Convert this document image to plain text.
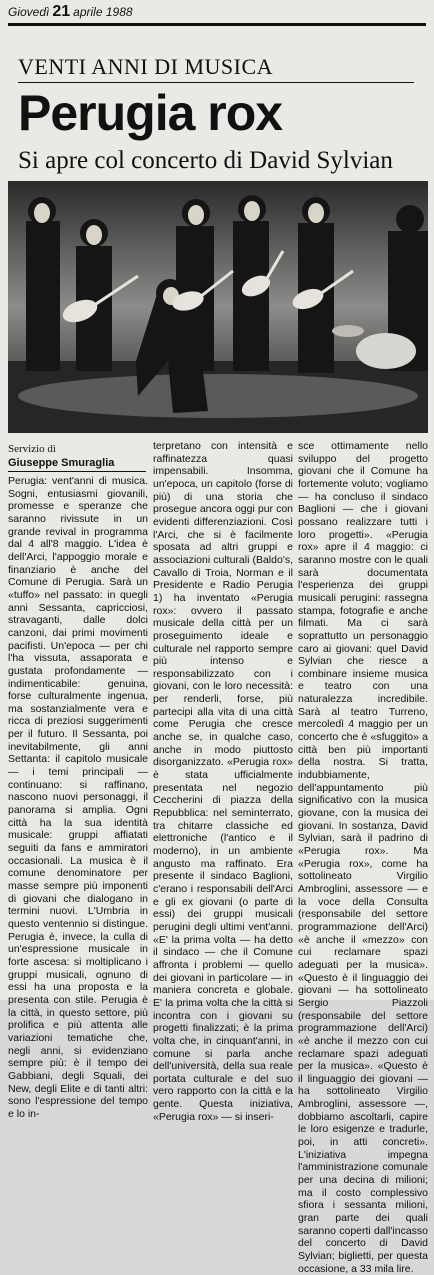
Giovedì 21 aprile 1988
VENTI ANNI DI MUSICA
Perugia rox
Si apre col concerto di David Sylvian
Servizio di
Giuseppe Smuraglia

Perugia: vent'anni di musica. Sogni, entusiasmi giovanili, promesse e speranze che saranno rivissute in un grande revival in programma dal 4 all'8 maggio. L'idea è dell'Arci, l'appoggio morale e finanziario è anche del Comune di Perugia. Sarà un «tuffo» nel passato: in quegli anni Sessanta, capricciosi, stravaganti, dalle dolci canzoni, dai primi movimenti pacifisti. Un'epoca — per chi l'ha vissuta, assaporata e gustata profondamente — indimenticabile: genuina, forse culturalmente ingenua, ma sostanzialmente vera e ricca di preziosi suggerimenti per il futuro. Il Sessanta, poi inevitabilmente, gli anni Settanta: il capitolo musicale — i temi principali — continuano: si raffinano, nascono nuovi personaggi, il panorama si amplia. Ogni città ha la sua identità musicale: gruppi affiatati seguiti da fans e ammiratori occasionali. La musica è il comune denominatore per masse sempre più imponenti di giovani che dialogano in termini nuovi. L'Umbria in questo ventennio si distingue. Perugia è, invece, la culla di un'espressione musicale in forte ascesa: si moltiplicano i gruppi musicali, ognuno di essi ha una proposta e la presenta con stile. Perugia è la città, in questo settore, più prolifica e più attenta alle variazioni tematiche che, negli anni, si evidenziano sempre più: è il tempo dei Gabbiani, degli Squali, dei New, degli Elite e di tanti altri: sono l'espressione del tempo e lo in-

terpretano con intensità e raffinatezza quasi impensabili. Insomma, un'epoca, un capitolo (forse di più) di una storia che prosegue ancora oggi pur con evidenti differenziazioni. Così l'Arci, che si è facilmente sposata ad altri gruppi e associazioni culturali (Baldo's, Cavallo di Troia, Norman e il Presidente e Radio Perugia 1) ha inventato «Perugia rox»: ovvero il passato musicale della città per un proseguimento ideale e culturale nel rapporto sempre più intenso e responsabilizzato con i giovani, con le loro necessità: per renderli, forse, più partecipi alla vita di una città come Perugia che cresce anche se, in qualche caso, anche in modo piuttosto disorganizzato. «Perugia rox» è stata ufficialmente presentata nel negozio Ceccherini di piazza della Repubblica: nel seminterrato, tra chitarre classiche ed elettroniche (l'antico e il moderno), in un ambiente angusto ma raffinato. Era presente il sindaco Baglioni, c'erano i responsabili dell'Arci e gli ex giovani (o parte di essi) dei gruppi musicali perugini degli ultimi vent'anni. «E' la prima volta — ha detto il sindaco — che il Comune affronta i problemi — quello dei giovani in particolare — in maniera concreta e globale. E' la prima volta che la città si incontra con i giovani su progetti finalizzati; è la prima volta che, in cinquant'anni, in comune si parla anche dell'università, della sua reale portata culturale e del suo vero rapporto con la città e la gente. Questa iniziativa, «Perugia rox» — si inseri-

sce ottimamente nello sviluppo del progetto giovani che il Comune ha fortemente voluto; vogliamo — ha concluso il sindaco Baglioni — che i giovani possano realizzare tutti i loro progetti». «Perugia rox» apre il 4 maggio: ci saranno mostre con le quali sarà documentata l'esperienza dei gruppi musicali perugini: rassegna stampa, fotografie e anche filmati. Ma ci sarà soprattutto un personaggio caro ai giovani: quel David Sylvian che riesce a combinare insieme musica e teatro con una naturalezza incredibile. Sarà al teatro Turreno, mercoledì 4 maggio per un concerto che è «sfuggito» a città ben più importanti della nostra. Si tratta, indubbiamente, dell'appuntamento più significativo con la musica giovane, con la musica dei giovani. In sostanza, David Sylvian, sarà il padrino di «Perugia rox». Ma «Perugia rox», come ha sottolineato Virgilio Ambroglini, assessore — e la voce della Consulta (responsabile del settore programmazione dell'Arci) «è anche il «mezzo» con cui reclamare spazi adeguati per la musica». «Questo è il linguaggio dei giovani — ha sottolineato Sergio Piazzoli (responsabile del settore programmazione dell'Arci) «è anche il mezzo con cui reclamare spazi adeguati per la musica». «Questo è il linguaggio dei giovani — ha sottolineato Virgilio Ambroglini, assessore —, dobbiamo ascoltarli, capire le loro esigenze e tradurle, poi, in atti concreti». L'iniziativa impegna l'amministrazione comunale per una decina di milioni; ma il costo complessivo sfiora i sessanta milioni, gran parte dei quali saranno coperti dall'incasso del concerto di David Sylvian; biglietti, per questa occasione, a 33 mila lire.
